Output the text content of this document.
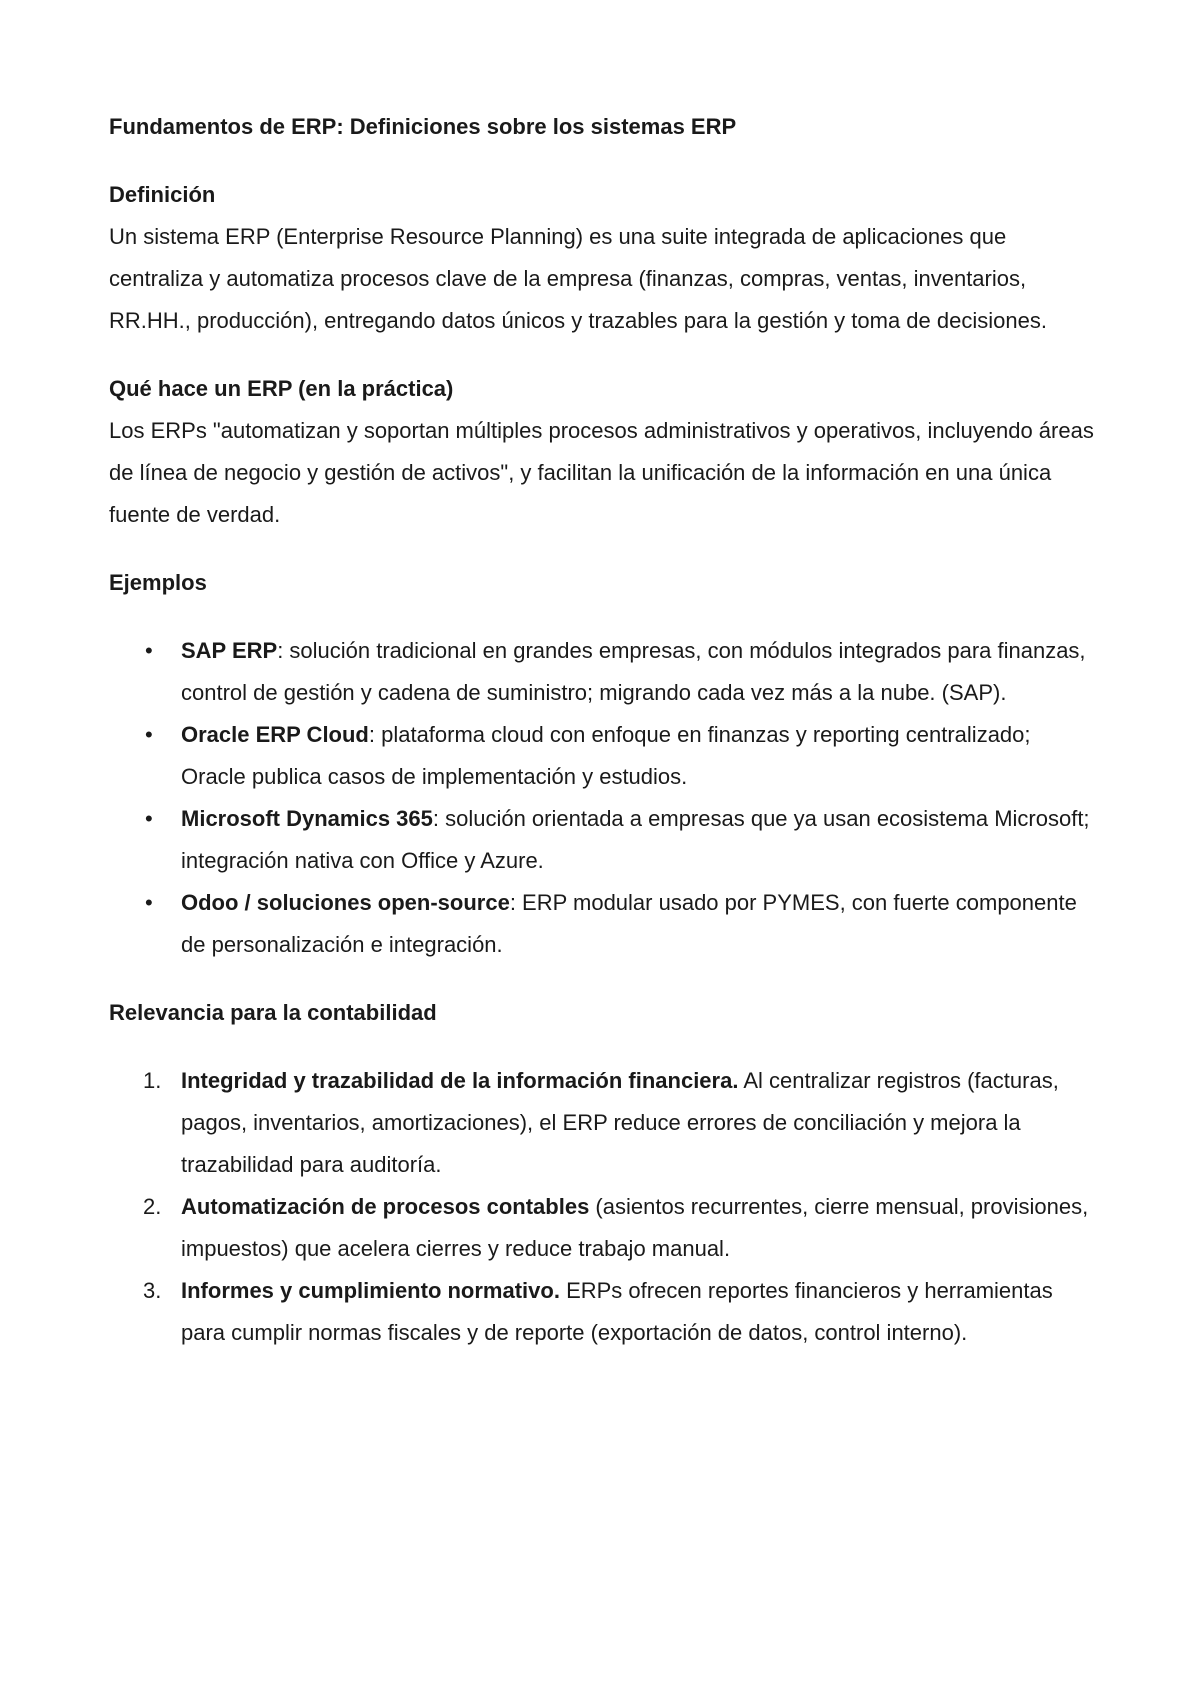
Fundamentos de ERP: Definiciones sobre los sistemas ERP

Definición

Un sistema ERP (Enterprise Resource Planning) es una suite integrada de aplicaciones que centraliza y automatiza procesos clave de la empresa (finanzas, compras, ventas, inventarios, RR.HH., producción), entregando datos únicos y trazables para la gestión y toma de decisiones.

Qué hace un ERP (en la práctica)

Los ERPs "automatizan y soportan múltiples procesos administrativos y operativos, incluyendo áreas de línea de negocio y gestión de activos", y facilitan la unificación de la información en una única fuente de verdad.

Ejemplos

• SAP ERP: solución tradicional en grandes empresas, con módulos integrados para finanzas, control de gestión y cadena de suministro; migrando cada vez más a la nube. (SAP).
• Oracle ERP Cloud: plataforma cloud con enfoque en finanzas y reporting centralizado; Oracle publica casos de implementación y estudios.
• Microsoft Dynamics 365: solución orientada a empresas que ya usan ecosistema Microsoft; integración nativa con Office y Azure.
• Odoo / soluciones open-source: ERP modular usado por PYMES, con fuerte componente de personalización e integración.

Relevancia para la contabilidad

1. Integridad y trazabilidad de la información financiera. Al centralizar registros (facturas, pagos, inventarios, amortizaciones), el ERP reduce errores de conciliación y mejora la trazabilidad para auditoría.
2. Automatización de procesos contables (asientos recurrentes, cierre mensual, provisiones, impuestos) que acelera cierres y reduce trabajo manual.
3. Informes y cumplimiento normativo. ERPs ofrecen reportes financieros y herramientas para cumplir normas fiscales y de reporte (exportación de datos, control interno).
